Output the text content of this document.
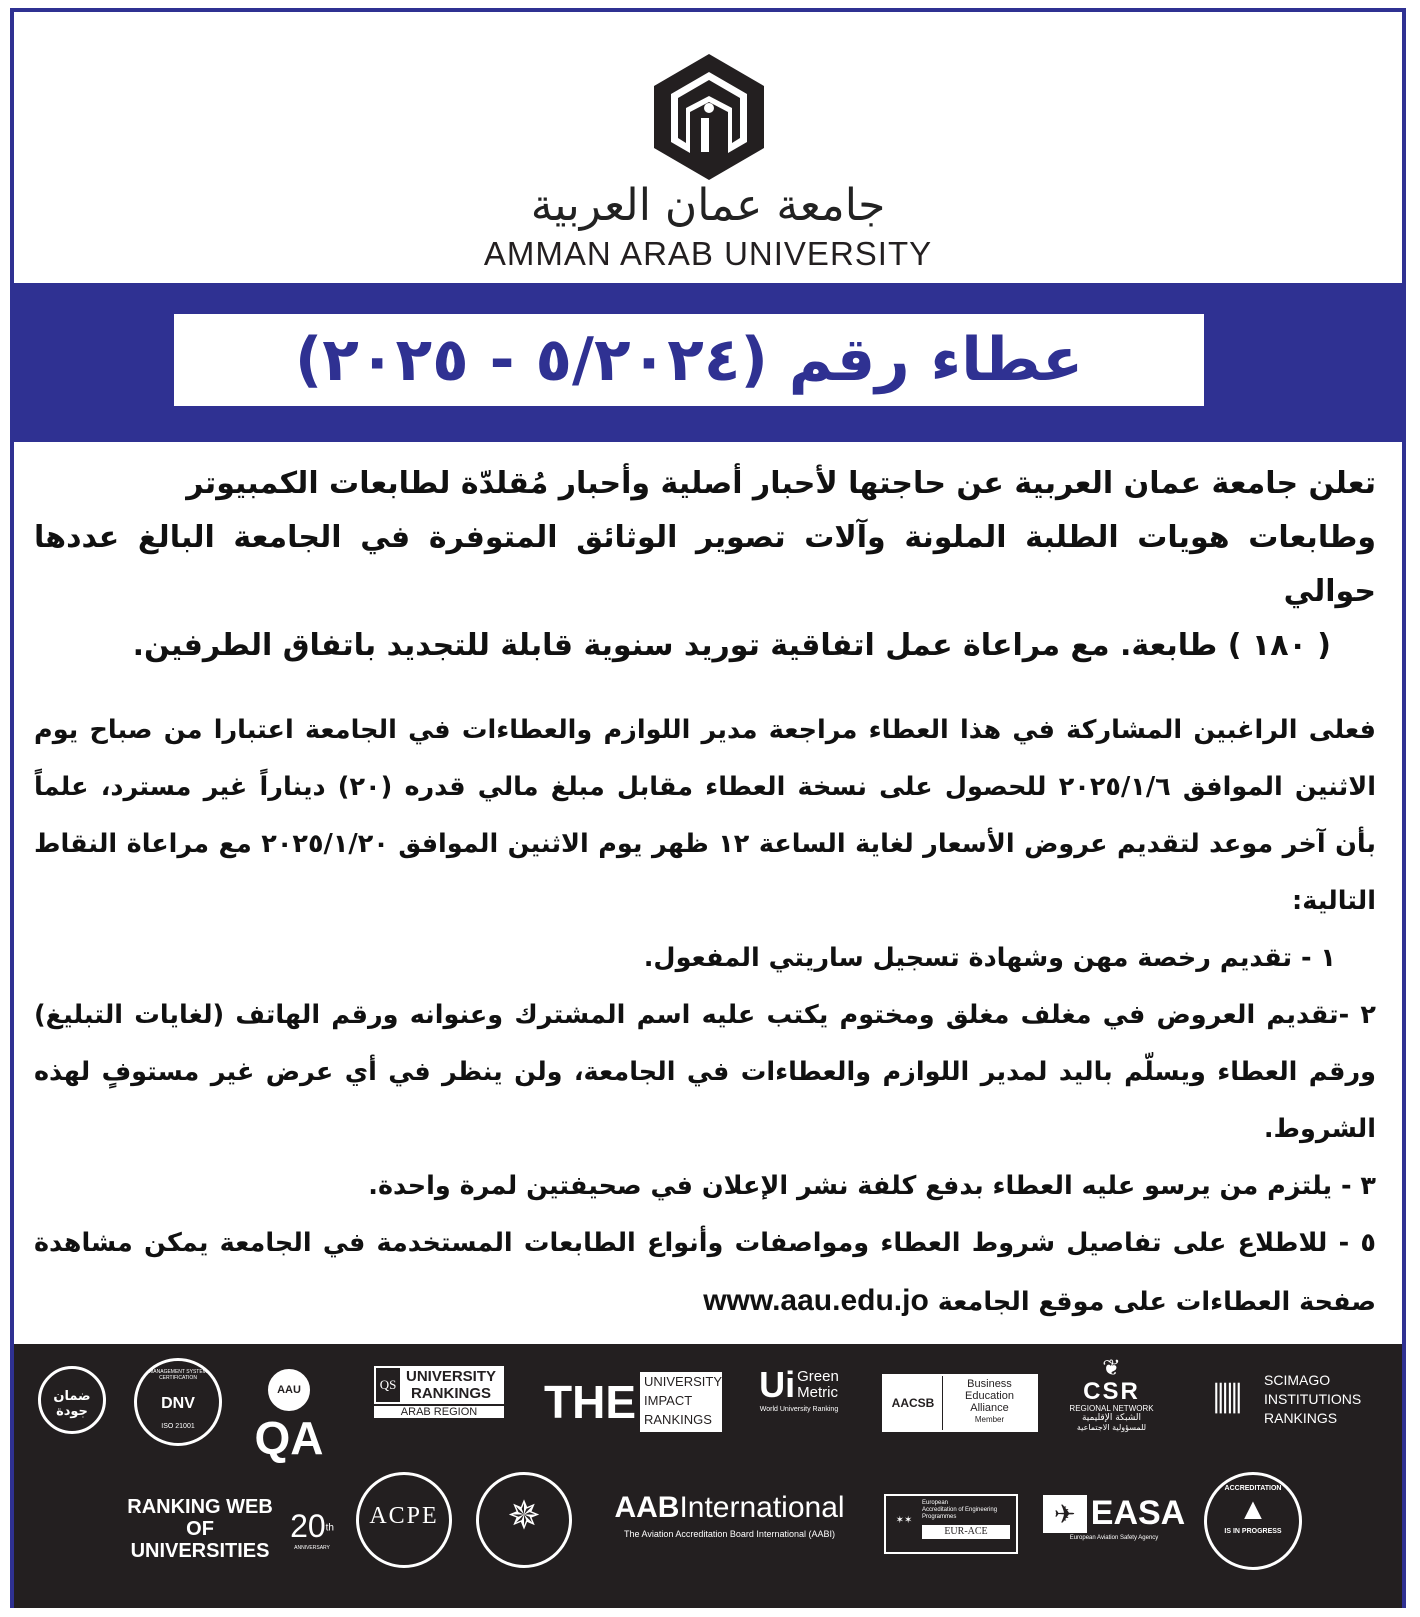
جامعة عمان العربية
AMMAN ARAB UNIVERSITY
عطاء رقم (٥/٢٠٢٤ - ٢٠٢٥)

تعلن جامعة عمان العربية عن حاجتها لأحبار أصلية وأحبار مُقلدّة لطابعات الكمبيوتر

وطابعات هويات الطلبة الملونة وآلات تصوير الوثائق المتوفرة في الجامعة البالغ عددها حوالي

( ١٨٠ ) طابعة. مع مراعاة عمل اتفاقية توريد سنوية قابلة للتجديد باتفاق الطرفين.

فعلى الراغبين المشاركة في هذا العطاء مراجعة مدير اللوازم والعطاءات في الجامعة اعتبارا من صباح يوم الاثنين الموافق ٢٠٢٥/١/٦ للحصول على نسخة العطاء مقابل مبلغ مالي قدره (٢٠) ديناراً غير مسترد، علماً بأن آخر موعد لتقديم عروض الأسعار لغاية الساعة ١٢ ظهر يوم الاثنين الموافق ٢٠٢٥/١/٢٠ مع مراعاة النقاط التالية:

١ - تقديم رخصة مهن وشهادة تسجيل ساريتي المفعول.

٢ -تقديم العروض في مغلف مغلق ومختوم يكتب عليه اسم المشترك وعنوانه ورقم الهاتف (لغايات التبليغ) ورقم العطاء ويسلّم باليد لمدير اللوازم والعطاءات في الجامعة، ولن ينظر في أي عرض غير مستوفٍ لهذه الشروط.

٣ - يلتزم من يرسو عليه العطاء بدفع كلفة نشر الإعلان في صحيفتين لمرة واحدة.

٥ - للاطلاع على تفاصيل شروط العطاء ومواصفات وأنواع الطابعات المستخدمة في الجامعة يمكن مشاهدة صفحة العطاءات على موقع الجامعة www.aau.edu.jo

ضمان جودة
MANAGEMENT SYSTEM CERTIFICATION
DNV
ISO 21001
AAU QA
QS UNIVERSITY
RANKINGS
ARAB REGION	THE UNIVERSITY
IMPACT
RANKINGS
Ui Green
Metric
World University Ranking	AACSB
Business
Education
Alliance
Member
❦
CSR
REGIONAL NETWORK
الشبكة الإقليمية
للمسؤولية الاجتماعية
⫼⫼	SCIMAGO
INSTITUTIONS
RANKINGS
RANKING WEB
OF UNIVERSITIES
20th
ANNIVERSARY
ACPE	✵	AABInternational
The Aviation Accreditation Board International (AABI)
✶✶
European
Accreditation of Engineering
Programmes
EUR-ACE
✈ EASA
European Aviation Safety Agency
ACCREDITATION
▲
IS IN PROGRESS
